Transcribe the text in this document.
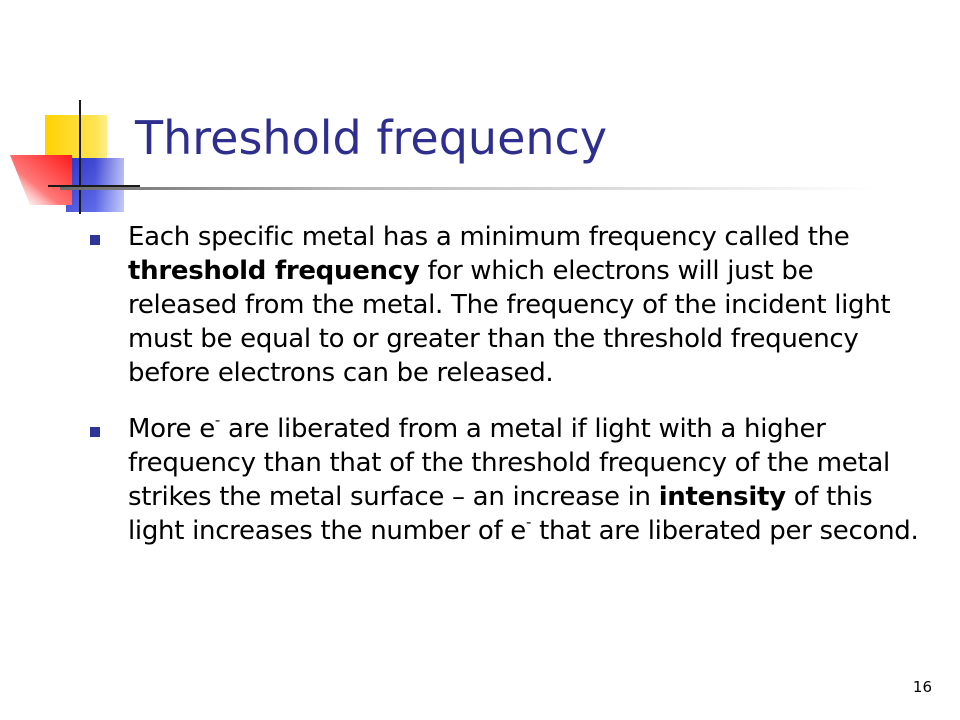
Threshold frequency
Each specific metal has a minimum frequency called the threshold frequency for which electrons will just be released from the metal. The frequency of the incident light must be equal to or greater than the threshold frequency before electrons can be released.
More e- are liberated from a metal if light with a higher frequency than that of the threshold frequency of the metal strikes the metal surface – an increase in intensity of this light increases the number of e- that are liberated per second.
16
